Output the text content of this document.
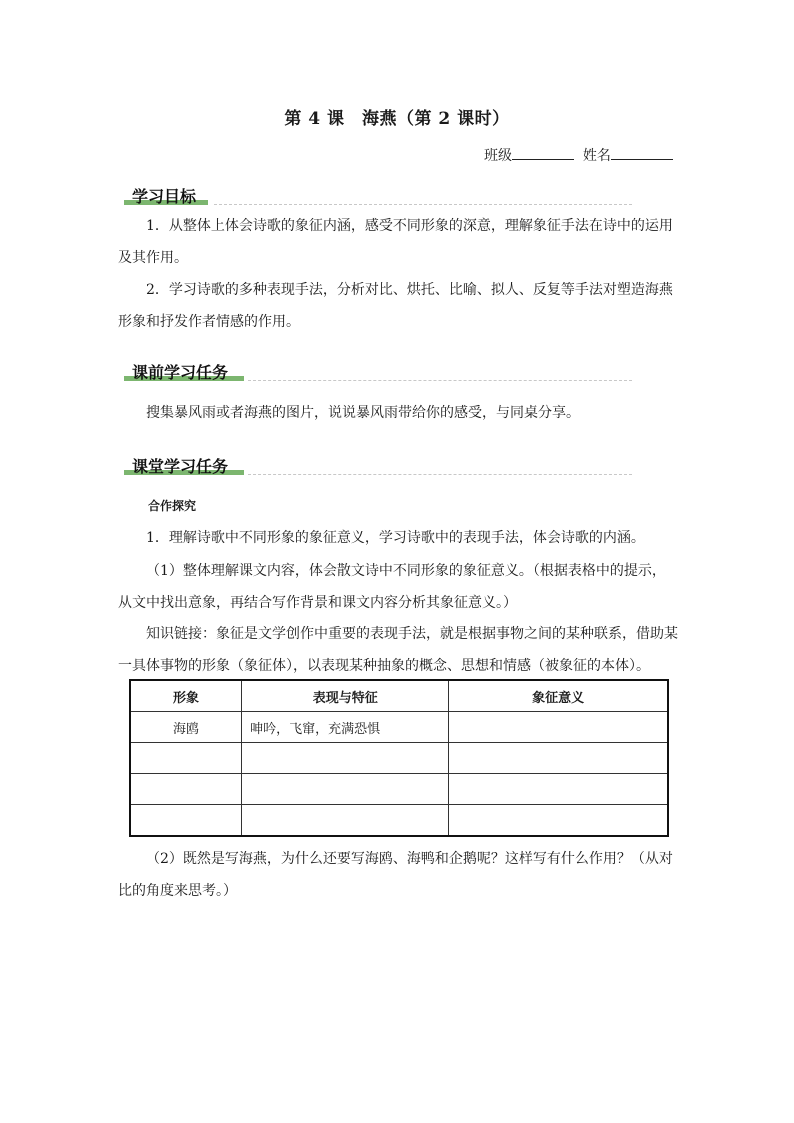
第 4 课　海燕（第 2 课时）
班级	姓名
学习目标

1．从整体上体会诗歌的象征内涵，感受不同形象的深意，理解象征手法在诗中的运用及其作用。

2．学习诗歌的多种表现手法，分析对比、烘托、比喻、拟人、反复等手法对塑造海燕形象和抒发作者情感的作用。

课前学习任务

搜集暴风雨或者海燕的图片，说说暴风雨带给你的感受，与同桌分享。

课堂学习任务
合作探究

1．理解诗歌中不同形象的象征意义，学习诗歌中的表现手法，体会诗歌的内涵。

（1）整体理解课文内容，体会散文诗中不同形象的象征意义。（根据表格中的提示，从文中找出意象，再结合写作背景和课文内容分析其象征意义。）

知识链接：象征是文学创作中重要的表现手法，就是根据事物之间的某种联系，借助某一具体事物的形象（象征体），以表现某种抽象的概念、思想和情感（被象征的本体）。

形象	表现与特征	象征意义
海鸥	呻吟，飞窜，充满恐惧	

（2）既然是写海燕，为什么还要写海鸥、海鸭和企鹅呢？这样写有什么作用？（从对比的角度来思考。）
